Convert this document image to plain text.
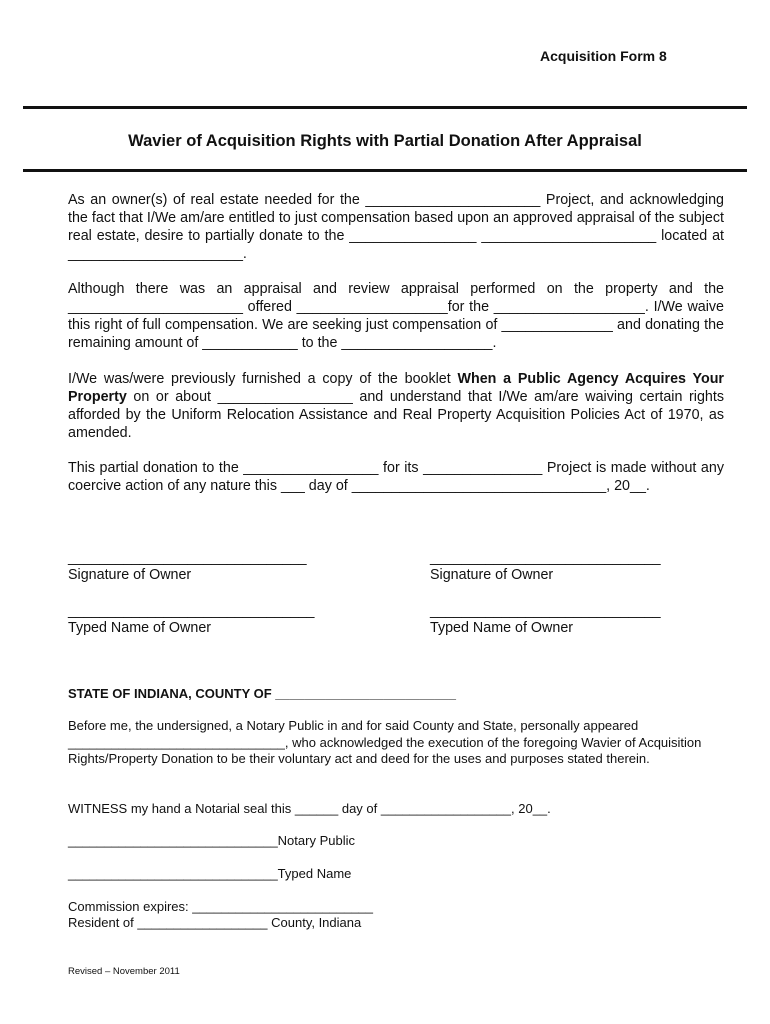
Acquisition Form 8
Wavier of Acquisition Rights with Partial Donation After Appraisal

As an owner(s) of real estate needed for the ______________________ Project, and acknowledging the fact that I/We am/are entitled to just compensation based upon an approved appraisal of the subject real estate, desire to partially donate to the ________________ ______________________ located at ______________________.

Although there was an appraisal and review appraisal performed on the property and the ______________________ offered ___________________for the ___________________. I/We waive this right of full compensation. We are seeking just compensation of ______________ and donating the remaining amount of ____________ to the ___________________.

I/We was/were previously furnished a copy of the booklet When a Public Agency Acquires Your Property on or about _________________ and understand that I/We am/are waiving certain rights afforded by the Uniform Relocation Assistance and Real Property Acquisition Policies Act of 1970, as amended.

This partial donation to the _________________ for its _______________ Project is made without any coercive action of any nature this ___ day of ________________________________, 20__.

______________________________	_____________________________
Signature of Owner	Signature of Owner
_______________________________	_____________________________
Typed Name of Owner	Typed Name of Owner

STATE OF INDIANA, COUNTY OF _________________________

Before me, the undersigned, a Notary Public in and for said County and State, personally appeared ______________________________, who acknowledged the execution of the foregoing Wavier of Acquisition Rights/Property Donation to be their voluntary act and deed for the uses and purposes stated therein.

WITNESS my hand a Notarial seal this ______ day of __________________, 20__.

_____________________________Notary Public

_____________________________Typed Name

Commission expires: _________________________

Resident of __________________ County, Indiana

Revised – November 2011
